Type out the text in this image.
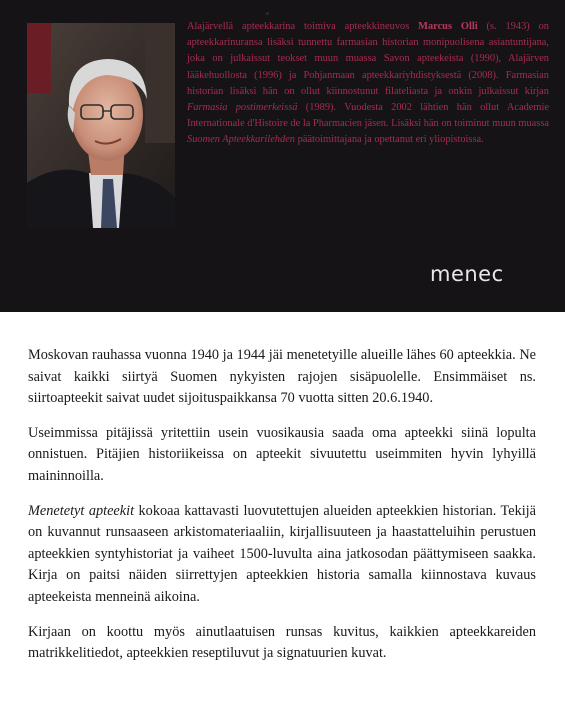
Alajärvellä apteekkarina toimiva apteekkineuvos Marcus Olli (s. 1943) on apteekkarinuransa lisäksi tunnettu farmasian historian monipuolisena asiantuntijana, joka on julkaissut teokset muun muassa Savon apteekeista (1990), Alajärven lääkehuollosta (1996) ja Pohjanmaan apteekkariyhdistyksestä (2008). Farmasian historian lisäksi hän on ollut kiinnostunut filateliasta ja onkin julkaissut kirjan Farmasia postimerkeissä (1989). Vuodesta 2002 lähtien hän ollut Academie Internationale d'Histoire de la Pharmacien jäsen. Lisäksi hän on toiminut muun muassa Suomen Apteekkarilehden päätoimittajana ja opettanut eri yliopistoissa.

menec

Moskovan rauhassa vuonna 1940 ja 1944 jäi menetetyille alueille lähes 60 apteekkia. Ne saivat kaikki siirtyä Suomen nykyisten rajojen sisäpuolelle. Ensimmäiset ns. siirtoapteekit saivat uudet sijoituspaikkansa 70 vuotta sitten 20.6.1940.

Useimmissa pitäjissä yritettiin usein vuosikausia saada oma apteekki siinä lopulta onnistuen. Pitäjien historiikeissa on apteekit sivuutettu useimmiten hyvin lyhyillä maininnoilla.

Menetetyt apteekit kokoaa kattavasti luovutettujen alueiden apteekkien historian. Tekijä on kuvannut runsaaseen arkistomateriaaliin, kirjallisuuteen ja haastatteluihin perustuen apteekkien syntyhistoriat ja vaiheet 1500-luvulta aina jatkosodan päättymiseen saakka. Kirja on paitsi näiden siirrettyjen apteekkien historia samalla kiinnostava kuvaus apteekeista menneinä aikoina.

Kirjaan on koottu myös ainutlaatuisen runsas kuvitus, kaikkien apteekkareiden matrikkelitiedot, apteekkien reseptiluvut ja signatuurien kuvat.
